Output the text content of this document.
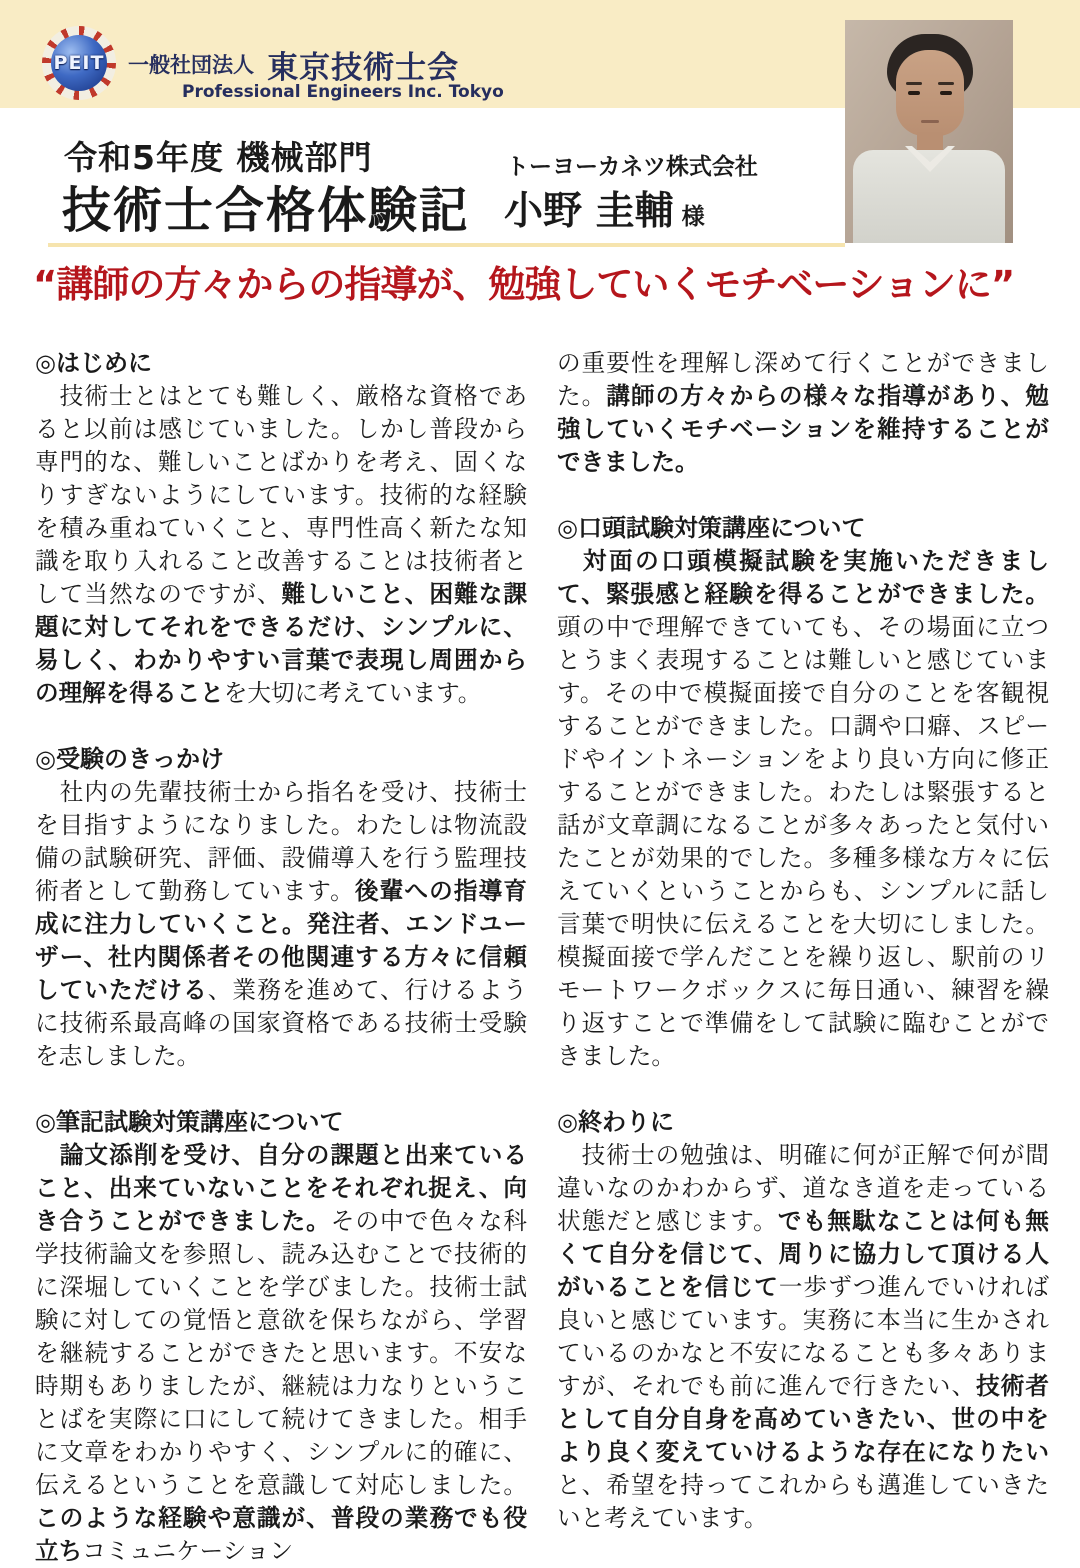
PEIT 一般社団法人 東京技術士会
Professional Engineers Inc. Tokyo
令和5年度 機械部門
技術士合格体験記
トーヨーカネツ株式会社
小野 圭輔 様
“講師の方々からの指導が、勉強していくモチベーションに”
◎はじめに

　技術士とはとても難しく、厳格な資格であると以前は感じていました。しかし普段から専門的な、難しいことばかりを考え、固くなりすぎないようにしています。技術的な経験を積み重ねていくこと、専門性高く新たな知識を取り入れること改善することは技術者として当然なのですが、難しいこと、困難な課題に対してそれをできるだけ、シンプルに、易しく、わかりやすい言葉で表現し周囲からの理解を得ることを大切に考えています。

◎受験のきっかけ

　社内の先輩技術士から指名を受け、技術士を目指すようになりました。わたしは物流設備の試験研究、評価、設備導入を行う監理技術者として勤務しています。後輩への指導育成に注力していくこと。発注者、エンドユーザー、社内関係者その他関連する方々に信頼していただける、業務を進めて、行けるように技術系最高峰の国家資格である技術士受験を志しました。

◎筆記試験対策講座について

　論文添削を受け、自分の課題と出来ていること、出来ていないことをそれぞれ捉え、向き合うことができました。その中で色々な科学技術論文を参照し、読み込むことで技術的に深堀していくことを学びました。技術士試験に対しての覚悟と意欲を保ちながら、学習を継続することができたと思います。不安な時期もありましたが、継続は力なりということばを実際に口にして続けてきました。相手に文章をわかりやすく、シンプルに的確に、伝えるということを意識して対応しました。このような経験や意識が、普段の業務でも役立ちコミュニケーション

の重要性を理解し深めて行くことができました。講師の方々からの様々な指導があり、勉強していくモチベーションを維持することができました。

◎口頭試験対策講座について

　対面の口頭模擬試験を実施いただきまして、緊張感と経験を得ることができました。頭の中で理解できていても、その場面に立つとうまく表現することは難しいと感じています。その中で模擬面接で自分のことを客観視することができました。口調や口癖、スピードやイントネーションをより良い方向に修正することができました。わたしは緊張すると話が文章調になることが多々あったと気付いたことが効果的でした。多種多様な方々に伝えていくということからも、シンプルに話し言葉で明快に伝えることを大切にしました。模擬面接で学んだことを繰り返し、駅前のリモートワークボックスに毎日通い、練習を繰り返すことで準備をして試験に臨むことができました。

◎終わりに

　技術士の勉強は、明確に何が正解で何が間違いなのかわからず、道なき道を走っている状態だと感じます。でも無駄なことは何も無くて自分を信じて、周りに協力して頂ける人がいることを信じて一歩ずつ進んでいければ良いと感じています。実務に本当に生かされているのかなと不安になることも多々ありますが、それでも前に進んで行きたい、技術者として自分自身を高めていきたい、世の中をより良く変えていけるような存在になりたいと、希望を持ってこれからも邁進していきたいと考えています。
